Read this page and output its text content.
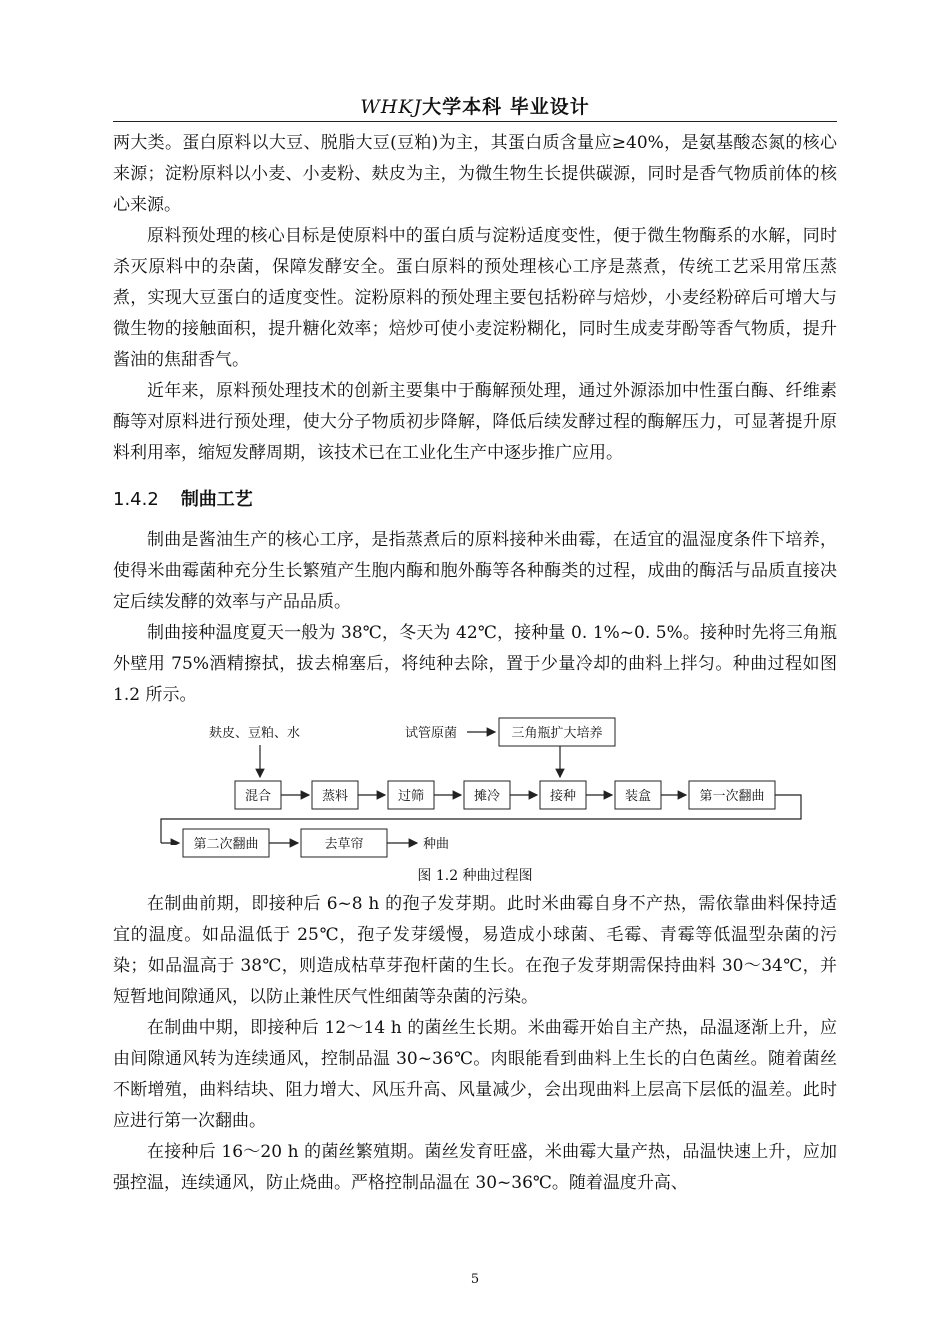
WHKJ大学本科 毕业设计

两大类。蛋白原料以大豆、脱脂大豆(豆粕)为主，其蛋白质含量应≥40%，是氨基酸态氮的核心来源；淀粉原料以小麦、小麦粉、麸皮为主，为微生物生长提供碳源，同时是香气物质前体的核心来源。

原料预处理的核心目标是使原料中的蛋白质与淀粉适度变性，便于微生物酶系的水解，同时杀灭原料中的杂菌，保障发酵安全。蛋白原料的预处理核心工序是蒸煮，传统工艺采用常压蒸煮，实现大豆蛋白的适度变性。淀粉原料的预处理主要包括粉碎与焙炒，小麦经粉碎后可增大与微生物的接触面积，提升糖化效率；焙炒可使小麦淀粉糊化，同时生成麦芽酚等香气物质，提升酱油的焦甜香气。

近年来，原料预处理技术的创新主要集中于酶解预处理，通过外源添加中性蛋白酶、纤维素酶等对原料进行预处理，使大分子物质初步降解，降低后续发酵过程的酶解压力，可显著提升原料利用率，缩短发酵周期，该技术已在工业化生产中逐步推广应用。

1.4.2 制曲工艺

制曲是酱油生产的核心工序，是指蒸煮后的原料接种米曲霉，在适宜的温湿度条件下培养，使得米曲霉菌种充分生长繁殖产生胞内酶和胞外酶等各种酶类的过程，成曲的酶活与品质直接决定后续发酵的效率与产品品质。

制曲接种温度夏天一般为 38℃，冬天为 42℃，接种量 0. 1%~0. 5%。接种时先将三角瓶外壁用 75%酒精擦拭，拔去棉塞后，将纯种去除，置于少量冷却的曲料上拌匀。种曲过程如图 1.2 所示。

麸皮、豆粕、水	试管原菌	三角瓶扩大培养
混合	蒸料	过筛	摊冷	接种	装盒	第一次翻曲
第二次翻曲	去草帘	种曲
图 1.2 种曲过程图

在制曲前期，即接种后 6~8 h 的孢子发芽期。此时米曲霉自身不产热，需依靠曲料保持适宜的温度。如品温低于 25℃，孢子发芽缓慢，易造成小球菌、毛霉、青霉等低温型杂菌的污染；如品温高于 38℃，则造成枯草芽孢杆菌的生长。在孢子发芽期需保持曲料 30～34℃，并短暂地间隙通风，以防止兼性厌气性细菌等杂菌的污染。

在制曲中期，即接种后 12～14 h 的菌丝生长期。米曲霉开始自主产热，品温逐渐上升，应由间隙通风转为连续通风，控制品温 30~36℃。肉眼能看到曲料上生长的白色菌丝。随着菌丝不断增殖，曲料结块、阻力增大、风压升高、风量减少，会出现曲料上层高下层低的温差。此时应进行第一次翻曲。

在接种后 16～20 h 的菌丝繁殖期。菌丝发育旺盛，米曲霉大量产热，品温快速上升，应加强控温，连续通风，防止烧曲。严格控制品温在 30~36℃。随着温度升高、

5
